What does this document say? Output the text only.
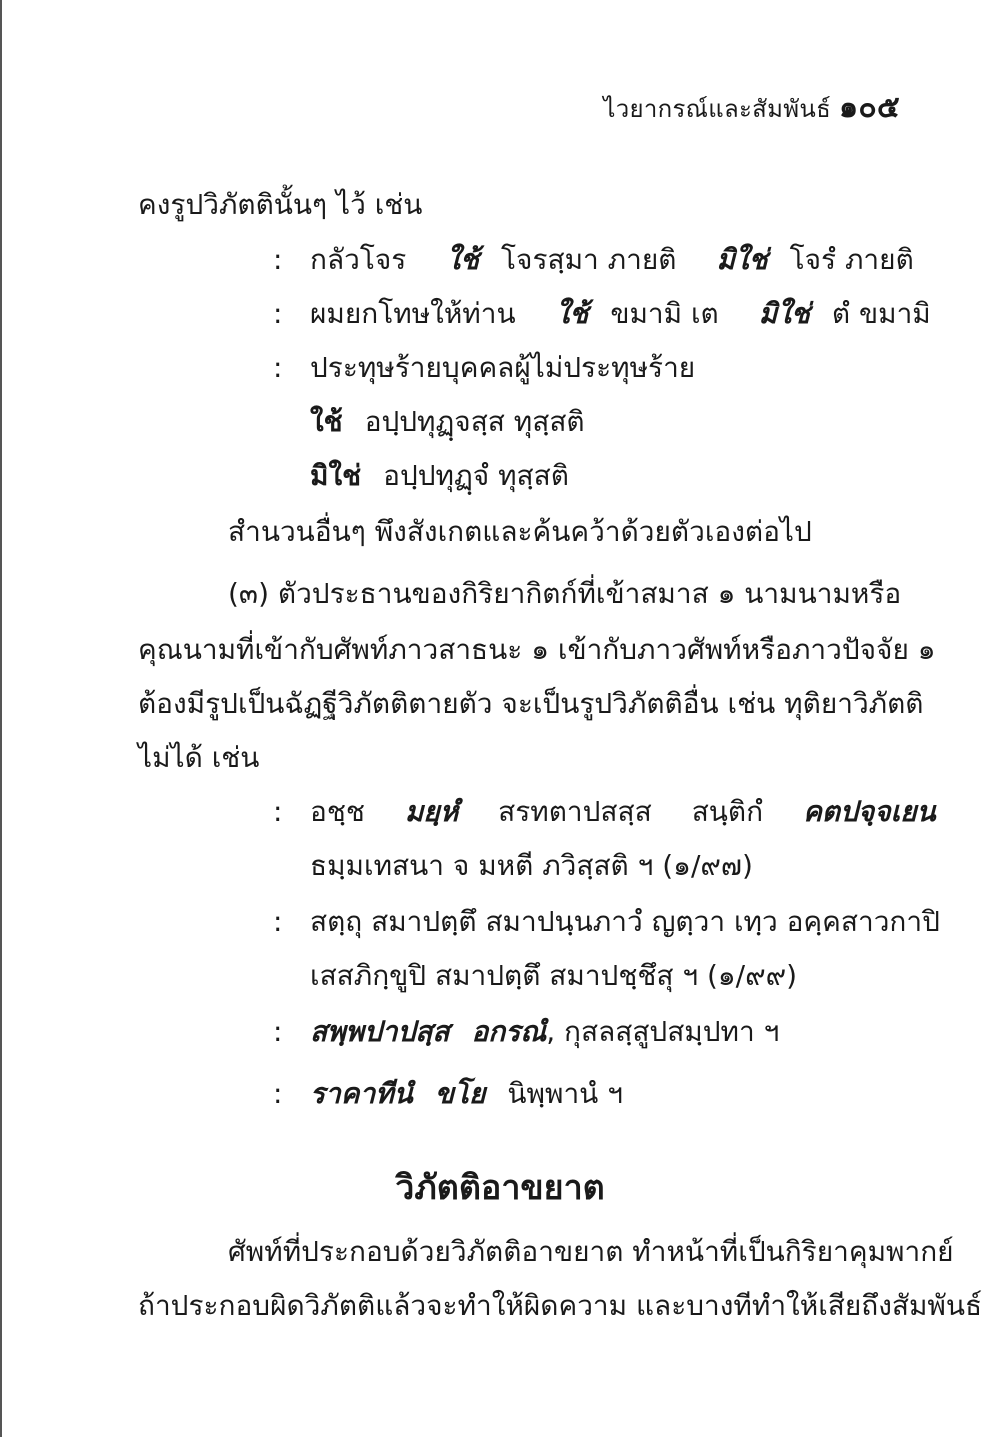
ไวยากรณ์และสัมพันธ์ ๑๐๕
คงรูปวิภัตตินั้นๆ ไว้ เช่น
: กลัวโจร ใช้ โจรสฺมา ภายติ มิใช่ โจรํ ภายติ
: ผมยกโทษให้ท่าน ใช้ ขมามิ เต มิใช่ ตํ ขมามิ
: ประทุษร้ายบุคคลผู้ไม่ประทุษร้าย
ใช้ อปฺปทุฏฺจสฺส ทุสฺสติ
มิใช่ อปฺปทุฏฺจํ ทุสฺสติ
สำนวนอื่นๆ พึงสังเกตและค้นคว้าด้วยตัวเองต่อไป
(๓) ตัวประธานของกิริยากิตก์ที่เข้าสมาส ๑ นามนามหรือ
คุณนามที่เข้ากับศัพท์ภาวสาธนะ ๑ เข้ากับภาวศัพท์หรือภาวปัจจัย ๑
ต้องมีรูปเป็นฉัฏฐีวิภัตติตายตัว จะเป็นรูปวิภัตติอื่น เช่น ทุติยาวิภัตติ
ไม่ได้ เช่น
: อชฺช มยฺหํ สรทตาปสสฺส สนฺติกํ คตปจฺจเยน
ธมฺมเทสนา จ มหตี ภวิสฺสติ ฯ (๑/๙๗)
: สตฺถุ สมาปตฺตึ สมาปนฺนภาวํ ญตฺวา เทฺว อคฺคสาวกาปิ
เสสภิกฺขูปิ สมาปตฺตึ สมาปชฺชึสุ ฯ (๑/๙๙)
: สพฺพปาปสฺส อกรณํ, กุสลสฺสูปสมฺปทา ฯ
: ราคาทีนํ ขโย นิพฺพานํ ฯ
วิภัตติอาขยาต
ศัพท์ที่ประกอบด้วยวิภัตติอาขยาต ทำหน้าที่เป็นกิริยาคุมพากย์
ถ้าประกอบผิดวิภัตติแล้วจะทำให้ผิดความ และบางทีทำให้เสียถึงสัมพันธ์
